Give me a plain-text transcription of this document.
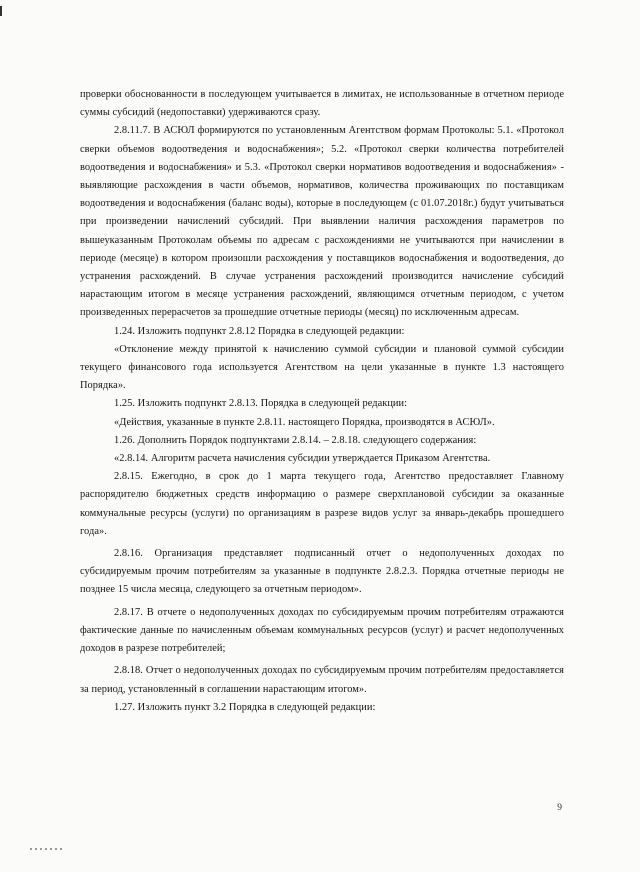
проверки обоснованности в последующем учитывается в лимитах, не использованные в отчетном периоде суммы субсидий (недопоставки) удерживаются сразу.

2.8.11.7. В АСЮЛ формируются по установленным Агентством формам Протоколы: 5.1. «Протокол сверки объемов водоотведения и водоснабжения»; 5.2. «Протокол сверки количества потребителей водоотведения и водоснабжения» и 5.3. «Протокол сверки нормативов водоотведения и водоснабжения» - выявляющие расхождения в части объемов, нормативов, количества проживающих по поставщикам водоотведения и водоснабжения (баланс воды), которые в последующем (с 01.07.2018г.) будут учитываться при произведении начислений субсидий. При выявлении наличия расхождения параметров по вышеуказанным Протоколам объемы по адресам с расхождениями не учитываются при начислении в периоде (месяце) в котором произошли расхождения у поставщиков водоснабжения и водоотведения, до устранения расхождений. В случае устранения расхождений производится начисление субсидий нарастающим итогом в месяце устранения расхождений, являющимся отчетным периодом, с учетом произведенных перерасчетов за прошедшие отчетные периоды (месяц) по исключенным адресам.

1.24. Изложить подпункт 2.8.12 Порядка в следующей редакции:

«Отклонение между принятой к начислению суммой субсидии и плановой суммой субсидии текущего финансового года используется Агентством на цели указанные в пункте 1.3 настоящего Порядка».

1.25. Изложить подпункт 2.8.13. Порядка в следующей редакции:

«Действия, указанные в пункте 2.8.11. настоящего Порядка, производятся в АСЮЛ».

1.26. Дополнить Порядок подпунктами 2.8.14. – 2.8.18. следующего содержания:

«2.8.14. Алгоритм расчета начисления субсидии утверждается Приказом Агентства.

2.8.15. Ежегодно, в срок до 1 марта текущего года, Агентство предоставляет Главному распорядителю бюджетных средств информацию о размере сверхплановой субсидии за оказанные коммунальные ресурсы (услуги) по организациям в разрезе видов услуг за январь-декабрь прошедшего года».

2.8.16. Организация представляет подписанный отчет о недополученных доходах по субсидируемым прочим потребителям за указанные в подпункте 2.8.2.3. Порядка отчетные периоды не позднее 15 числа месяца, следующего за отчетным периодом».

2.8.17. В отчете о недополученных доходах по субсидируемым прочим потребителям отражаются фактические данные по начисленным объемам коммунальных ресурсов (услуг) и расчет недополученных доходов в разрезе потребителей;

2.8.18. Отчет о недополученных доходах по субсидируемым прочим потребителям предоставляется за период, установленный в соглашении нарастающим итогом».

1.27. Изложить пункт 3.2 Порядка в следующей редакции:

9
